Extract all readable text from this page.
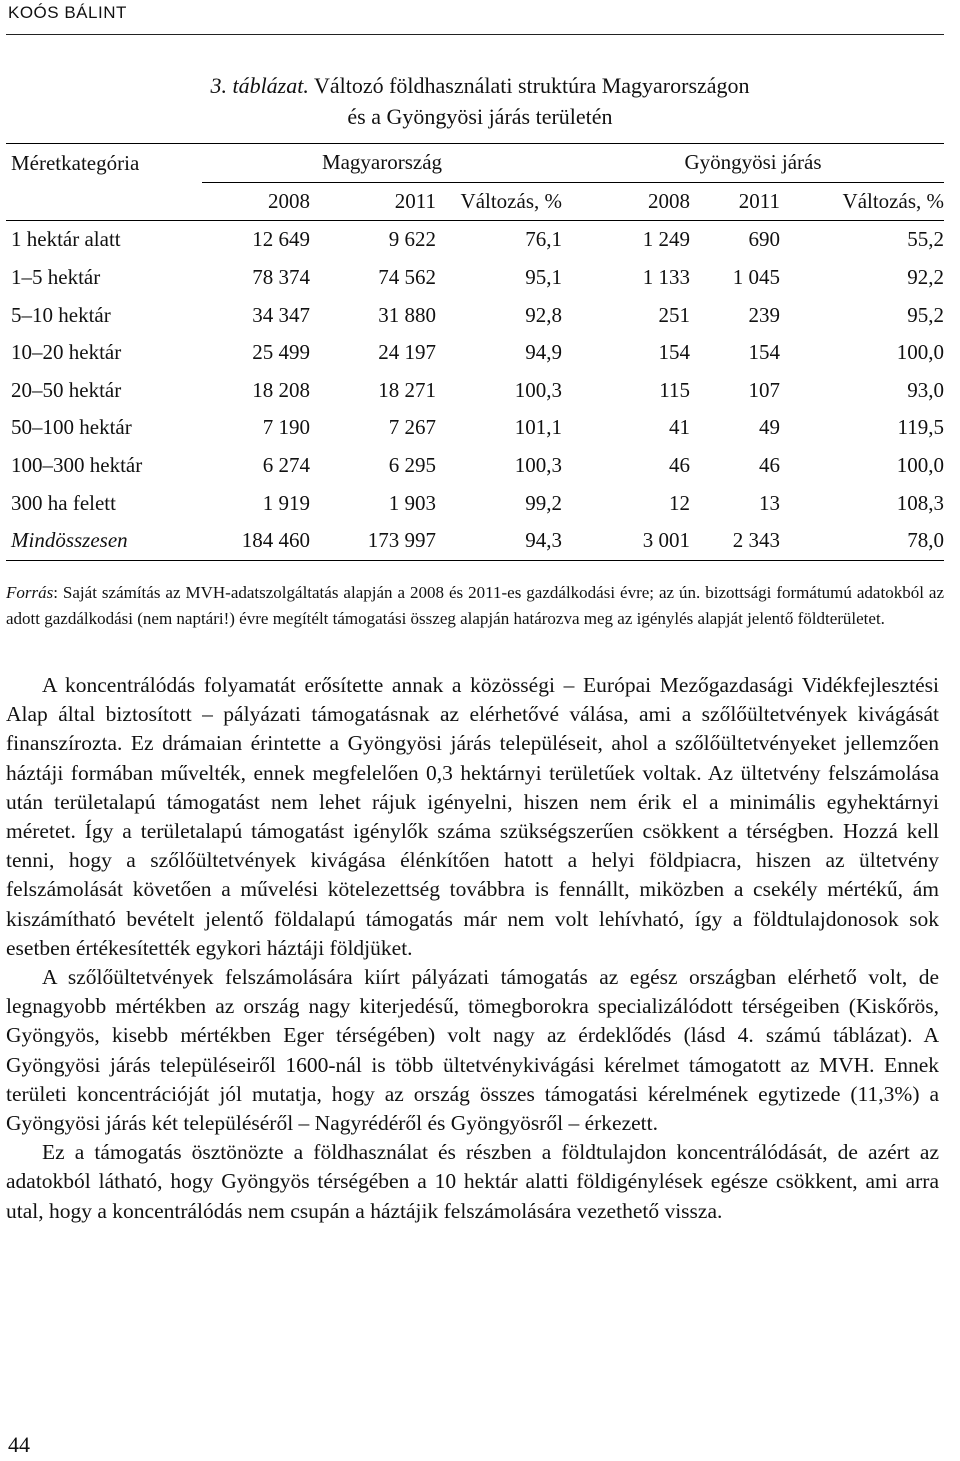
KOÓS BÁLINT
3. táblázat. Változó földhasználati struktúra Magyarországon
és a Gyöngyösi járás területén
Méretkategória	Magyarország			Gyöngyösi járás		
	2008	2011	Változás, %	2008	2011	Változás, %
1 hektár alatt	12 649	9 622	76,1	1 249	690	55,2
1–5 hektár	78 374	74 562	95,1	1 133	1 045	92,2
5–10 hektár	34 347	31 880	92,8	251	239	95,2
10–20 hektár	25 499	24 197	94,9	154	154	100,0
20–50 hektár	18 208	18 271	100,3	115	107	93,0
50–100 hektár	7 190	7 267	101,1	41	49	119,5
100–300 hektár	6 274	6 295	100,3	46	46	100,0
300 ha felett	1 919	1 903	99,2	12	13	108,3
Mindösszesen	184 460	173 997	94,3	3 001	2 343	78,0
Forrás: Saját számítás az MVH-adatszolgáltatás alapján a 2008 és 2011-es gazdálkodási évre; az ún. bizottsági formátumú adatokból az adott gazdálkodási (nem naptári!) évre megítélt támogatási összeg alapján határozva meg az igénylés alapját jelentő földterületet.

A koncentrálódás folyamatát erősítette annak a közösségi – Európai Mezőgazdasági Vidékfejlesztési Alap által biztosított – pályázati támogatásnak az elérhetővé válása, ami a szőlőültetvények kivágását finanszírozta. Ez drámaian érintette a Gyöngyösi járás településeit, ahol a szőlőültetvényeket jellemzően háztáji formában művelték, ennek megfelelően 0,3 hektárnyi területűek voltak. Az ültetvény felszámolása után területalapú támogatást nem lehet rájuk igényelni, hiszen nem érik el a minimális egyhektárnyi méretet. Így a területalapú támogatást igénylők száma szükségszerűen csökkent a térségben. Hozzá kell tenni, hogy a szőlőültetvények kivágása élénkítően hatott a helyi földpiacra, hiszen az ültetvény felszámolását követően a művelési kötelezettség továbbra is fennállt, miközben a csekély mértékű, ám kiszámítható bevételt jelentő földalapú támogatás már nem volt lehívható, így a földtulajdonosok sok esetben értékesítették egykori háztáji földjüket.

A szőlőültetvények felszámolására kiírt pályázati támogatás az egész országban elérhető volt, de legnagyobb mértékben az ország nagy kiterjedésű, tömegborokra specializálódott térségeiben (Kiskőrös, Gyöngyös, kisebb mértékben Eger térségében) volt nagy az érdeklődés (lásd 4. számú táblázat). A Gyöngyösi járás településeiről 1600-nál is több ültetvénykivágási kérelmet támogatott az MVH. Ennek területi koncentrációját jól mutatja, hogy az ország összes támogatási kérelmének egytizede (11,3%) a Gyöngyösi járás két településéről – Nagyrédéről és Gyöngyösről – érkezett.

Ez a támogatás ösztönözte a földhasználat és részben a földtulajdon koncentrálódását, de azért az adatokból látható, hogy Gyöngyös térségében a 10 hektár alatti földigénylések egésze csökkent, ami arra utal, hogy a koncentrálódás nem csupán a háztájik felszámolására vezethető vissza.

44
